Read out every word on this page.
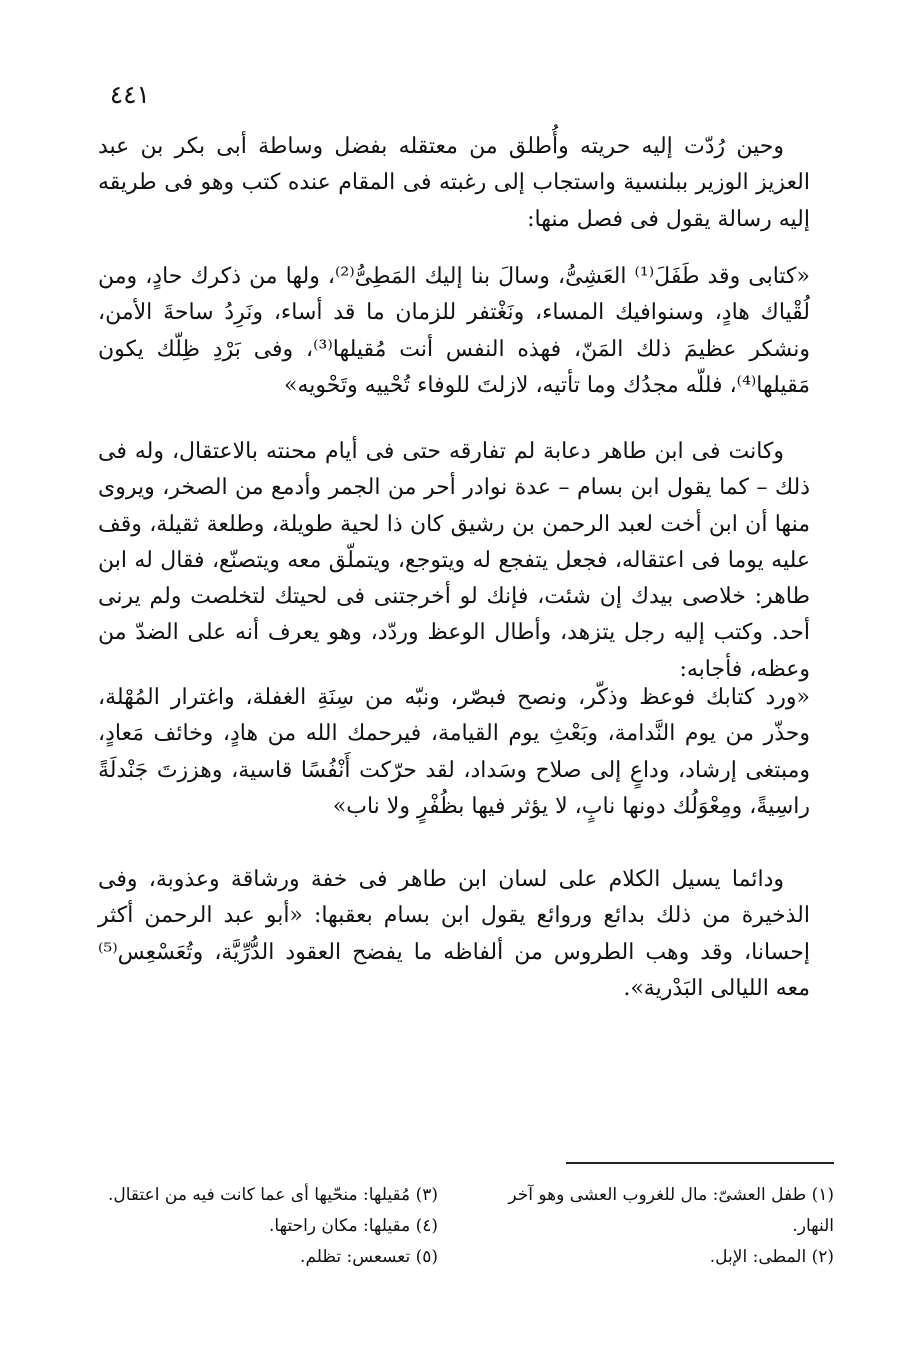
٤٤١

وحين رُدّت إليه حريته وأُطلق من معتقله بفضل وساطة أبى بكر بن عبد العزيز الوزير ببلنسية واستجاب إلى رغبته فى المقام عنده كتب وهو فى طريقه إليه رسالة يقول فى فصل منها:

«كتابى وقد طَفَلَ⁽¹⁾ العَشِىُّ، وسالَ بنا إليك المَطِىُّ⁽²⁾، ولها من ذكرك حادٍ، ومن لُقْياك هادٍ، وسنوافيك المساء، ونَغْتفر للزمان ما قد أساء، ونَرِدُ ساحةَ الأمن، ونشكر عظيمَ ذلك المَنّ، فهذه النفس أنت مُقيلها⁽³⁾، وفى بَرْدِ ظِلّك يكون مَقيلها⁽⁴⁾، فللّه مجدُك وما تأتيه، لازلتَ للوفاء تُحْييه وتَحْويه»

وكانت فى ابن طاهر دعابة لم تفارقه حتى فى أيام محنته بالاعتقال، وله فى ذلك – كما يقول ابن بسام – عدة نوادر أحر من الجمر وأدمع من الصخر، ويروى منها أن ابن أخت لعبد الرحمن بن رشيق كان ذا لحية طويلة، وطلعة ثقيلة، وقف عليه يوما فى اعتقاله، فجعل يتفجع له ويتوجع، ويتملّق معه ويتصنّع، فقال له ابن طاهر: خلاصى بيدك إن شئت، فإنك لو أخرجتنى فى لحيتك لتخلصت ولم يرنى أحد. وكتب إليه رجل يتزهد، وأطال الوعظ وردّد، وهو يعرف أنه على الضدّ من وعظه، فأجابه:

«ورد كتابك فوعظ وذكّر، ونصح فبصّر، ونبّه من سِنَةِ الغفلة، واغترار المُهْلة، وحذّر من يوم النَّدامة، وبَعْثِ يوم القيامة، فيرحمك الله من هادٍ، وخائف مَعادٍ، ومبتغى إرشاد، وداعٍ إلى صلاح وسَداد، لقد حرّكت أَنْفُسًا قاسية، وهززتَ جَنْدلَةً راسِيةً، ومِعْوَلُك دونها نابٍ، لا يؤثر فيها بظُفْرٍ ولا ناب»

ودائما يسيل الكلام على لسان ابن طاهر فى خفة ورشاقة وعذوبة، وفى الذخيرة من ذلك بدائع وروائع يقول ابن بسام بعقبها: «أبو عبد الرحمن أكثر إحسانا، وقد وهب الطروس من ألفاظه ما يفضح العقود الدُّرِّيَّة، وتُعَسْعِس⁽⁵⁾ معه الليالى البَدْرية».

(١) طفل العشىّ: مال للغروب العشى وهو آخر النهار.

(٢) المطى: الإبل.

(٣) مُقيلها: منحّيها أى عما كانت فيه من اعتقال.

(٤) مقيلها: مكان راحتها.

(٥) تعسعس: تظلم.
